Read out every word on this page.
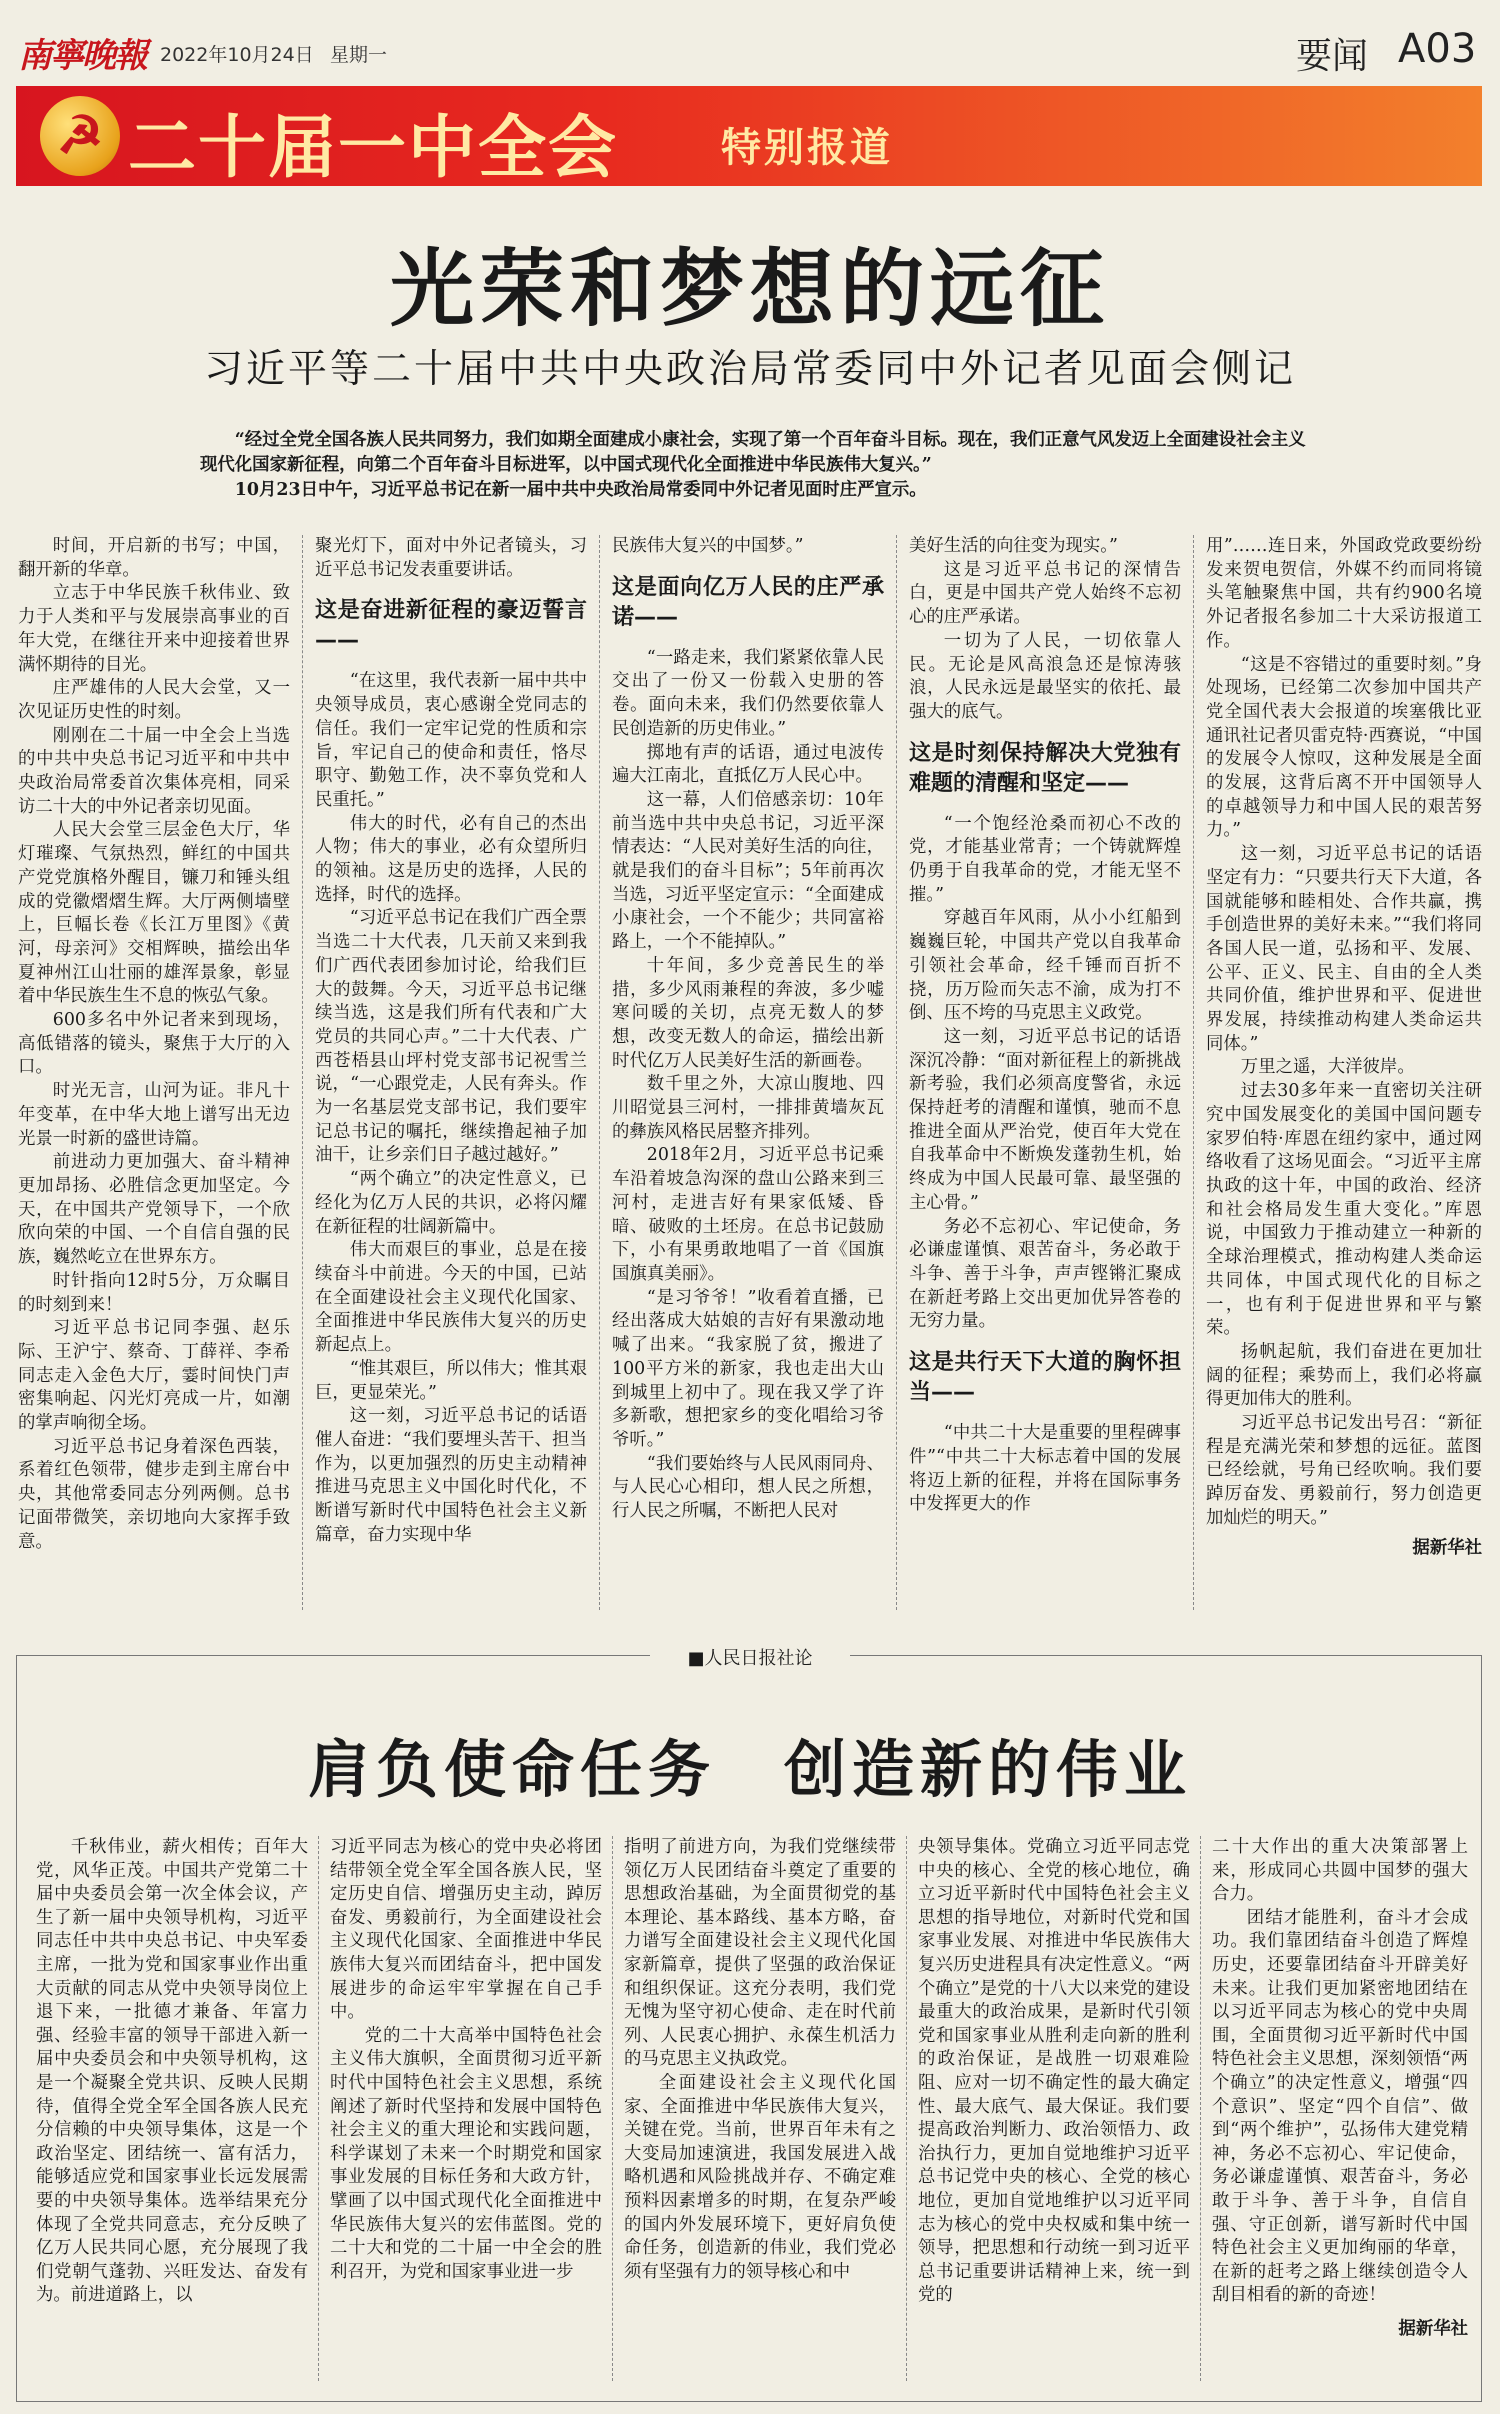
南寧晚報 2022年10月24日 星期一	要闻 A03
☭ 二十届一中全会	特别报道
光荣和梦想的远征
习近平等二十届中共中央政治局常委同中外记者见面会侧记
“经过全党全国各族人民共同努力，我们如期全面建成小康社会，实现了第一个百年奋斗目标。现在，我们正意气风发迈上全面建设社会主义现代化国家新征程，向第二个百年奋斗目标进军，以中国式现代化全面推进中华民族伟大复兴。”
10月23日中午，习近平总书记在新一届中共中央政治局常委同中外记者见面时庄严宣示。

时间，开启新的书写；中国，翻开新的华章。

立志于中华民族千秋伟业、致力于人类和平与发展崇高事业的百年大党，在继往开来中迎接着世界满怀期待的目光。

庄严雄伟的人民大会堂，又一次见证历史性的时刻。

刚刚在二十届一中全会上当选的中共中央总书记习近平和中共中央政治局常委首次集体亮相，同采访二十大的中外记者亲切见面。

人民大会堂三层金色大厅，华灯璀璨、气氛热烈，鲜红的中国共产党党旗格外醒目，镰刀和锤头组成的党徽熠熠生辉。大厅两侧墙壁上，巨幅长卷《长江万里图》《黄河，母亲河》交相辉映，描绘出华夏神州江山壮丽的雄浑景象，彰显着中华民族生生不息的恢弘气象。

600多名中外记者来到现场，高低错落的镜头，聚焦于大厅的入口。

时光无言，山河为证。非凡十年变革，在中华大地上谱写出无边光景一时新的盛世诗篇。

前进动力更加强大、奋斗精神更加昂扬、必胜信念更加坚定。今天，在中国共产党领导下，一个欣欣向荣的中国、一个自信自强的民族，巍然屹立在世界东方。

时针指向12时5分，万众瞩目的时刻到来！

习近平总书记同李强、赵乐际、王沪宁、蔡奇、丁薛祥、李希同志走入金色大厅，霎时间快门声密集响起、闪光灯亮成一片，如潮的掌声响彻全场。

习近平总书记身着深色西装，系着红色领带，健步走到主席台中央，其他常委同志分列两侧。总书记面带微笑，亲切地向大家挥手致意。

聚光灯下，面对中外记者镜头，习近平总书记发表重要讲话。

这是奋进新征程的豪迈誓言——

“在这里，我代表新一届中共中央领导成员，衷心感谢全党同志的信任。我们一定牢记党的性质和宗旨，牢记自己的使命和责任，恪尽职守、勤勉工作，决不辜负党和人民重托。”

伟大的时代，必有自己的杰出人物；伟大的事业，必有众望所归的领袖。这是历史的选择，人民的选择，时代的选择。

“习近平总书记在我们广西全票当选二十大代表，几天前又来到我们广西代表团参加讨论，给我们巨大的鼓舞。今天，习近平总书记继续当选，这是我们所有代表和广大党员的共同心声。”二十大代表、广西苍梧县山坪村党支部书记祝雪兰说，“一心跟党走，人民有奔头。作为一名基层党支部书记，我们要牢记总书记的嘱托，继续撸起袖子加油干，让乡亲们日子越过越好。”

“两个确立”的决定性意义，已经化为亿万人民的共识，必将闪耀在新征程的壮阔新篇中。

伟大而艰巨的事业，总是在接续奋斗中前进。今天的中国，已站在全面建设社会主义现代化国家、全面推进中华民族伟大复兴的历史新起点上。

“惟其艰巨，所以伟大；惟其艰巨，更显荣光。”

这一刻，习近平总书记的话语催人奋进：“我们要埋头苦干、担当作为，以更加强烈的历史主动精神推进马克思主义中国化时代化，不断谱写新时代中国特色社会主义新篇章，奋力实现中华

民族伟大复兴的中国梦。”

这是面向亿万人民的庄严承诺——

“一路走来，我们紧紧依靠人民交出了一份又一份载入史册的答卷。面向未来，我们仍然要依靠人民创造新的历史伟业。”

掷地有声的话语，通过电波传遍大江南北，直抵亿万人民心中。

这一幕，人们倍感亲切：10年前当选中共中央总书记，习近平深情表达：“人民对美好生活的向往，就是我们的奋斗目标”；5年前再次当选，习近平坚定宣示：“全面建成小康社会，一个不能少；共同富裕路上，一个不能掉队。”

十年间，多少竞善民生的举措，多少风雨兼程的奔波，多少嘘寒问暖的关切，点亮无数人的梦想，改变无数人的命运，描绘出新时代亿万人民美好生活的新画卷。

数千里之外，大凉山腹地、四川昭觉县三河村，一排排黄墙灰瓦的彝族风格民居整齐排列。

2018年2月，习近平总书记乘车沿着坡急沟深的盘山公路来到三河村，走进吉好有果家低矮、昏暗、破败的土坯房。在总书记鼓励下，小有果勇敢地唱了一首《国旗国旗真美丽》。

“是习爷爷！”收看着直播，已经出落成大姑娘的吉好有果激动地喊了出来。“我家脱了贫，搬进了100平方米的新家，我也走出大山到城里上初中了。现在我又学了许多新歌，想把家乡的变化唱给习爷爷听。”

“我们要始终与人民风雨同舟、与人民心心相印，想人民之所想，行人民之所嘱，不断把人民对

美好生活的向往变为现实。”

这是习近平总书记的深情告白，更是中国共产党人始终不忘初心的庄严承诺。

一切为了人民，一切依靠人民。无论是风高浪急还是惊涛骇浪，人民永远是最坚实的依托、最强大的底气。

这是时刻保持解决大党独有难题的清醒和坚定——

“一个饱经沧桑而初心不改的党，才能基业常青；一个铸就辉煌仍勇于自我革命的党，才能无坚不摧。”

穿越百年风雨，从小小红船到巍巍巨轮，中国共产党以自我革命引领社会革命，经千锤而百折不挠，历万险而矢志不渝，成为打不倒、压不垮的马克思主义政党。

这一刻，习近平总书记的话语深沉冷静：“面对新征程上的新挑战新考验，我们必须高度警省，永远保持赶考的清醒和谨慎，驰而不息推进全面从严治党，使百年大党在自我革命中不断焕发蓬勃生机，始终成为中国人民最可靠、最坚强的主心骨。”

务必不忘初心、牢记使命，务必谦虚谨慎、艰苦奋斗，务必敢于斗争、善于斗争，声声铿锵汇聚成在新赶考路上交出更加优异答卷的无穷力量。

这是共行天下大道的胸怀担当——

“中共二十大是重要的里程碑事件”“中共二十大标志着中国的发展将迈上新的征程，并将在国际事务中发挥更大的作

用”……连日来，外国政党政要纷纷发来贺电贺信，外媒不约而同将镜头笔触聚焦中国，共有约900名境外记者报名参加二十大采访报道工作。

“这是不容错过的重要时刻。”身处现场，已经第二次参加中国共产党全国代表大会报道的埃塞俄比亚通讯社记者贝雷克特·西赛说，“中国的发展令人惊叹，这种发展是全面的发展，这背后离不开中国领导人的卓越领导力和中国人民的艰苦努力。”

这一刻，习近平总书记的话语坚定有力：“只要共行天下大道，各国就能够和睦相处、合作共赢，携手创造世界的美好未来。”“我们将同各国人民一道，弘扬和平、发展、公平、正义、民主、自由的全人类共同价值，维护世界和平、促进世界发展，持续推动构建人类命运共同体。”

万里之遥，大洋彼岸。

过去30多年来一直密切关注研究中国发展变化的美国中国问题专家罗伯特·库恩在纽约家中，通过网络收看了这场见面会。“习近平主席执政的这十年，中国的政治、经济和社会格局发生重大变化。”库恩说，中国致力于推动建立一种新的全球治理模式，推动构建人类命运共同体，中国式现代化的目标之一，也有利于促进世界和平与繁荣。

扬帆起航，我们奋进在更加壮阔的征程；乘势而上，我们必将赢得更加伟大的胜利。

习近平总书记发出号召：“新征程是充满光荣和梦想的远征。蓝图已经绘就，号角已经吹响。我们要踔厉奋发、勇毅前行，努力创造更加灿烂的明天。”

据新华社
■人民日报社论
肩负使命任务　创造新的伟业

千秋伟业，薪火相传；百年大党，风华正茂。中国共产党第二十届中央委员会第一次全体会议，产生了新一届中央领导机构，习近平同志任中共中央总书记、中央军委主席，一批为党和国家事业作出重大贡献的同志从党中央领导岗位上退下来，一批德才兼备、年富力强、经验丰富的领导干部进入新一届中央委员会和中央领导机构，这是一个凝聚全党共识、反映人民期待，值得全党全军全国各族人民充分信赖的中央领导集体，这是一个政治坚定、团结统一、富有活力，能够适应党和国家事业长远发展需要的中央领导集体。选举结果充分体现了全党共同意志，充分反映了亿万人民共同心愿，充分展现了我们党朝气蓬勃、兴旺发达、奋发有为。前进道路上，以

习近平同志为核心的党中央必将团结带领全党全军全国各族人民，坚定历史自信、增强历史主动，踔厉奋发、勇毅前行，为全面建设社会主义现代化国家、全面推进中华民族伟大复兴而团结奋斗，把中国发展进步的命运牢牢掌握在自己手中。

党的二十大高举中国特色社会主义伟大旗帜，全面贯彻习近平新时代中国特色社会主义思想，系统阐述了新时代坚持和发展中国特色社会主义的重大理论和实践问题，科学谋划了未来一个时期党和国家事业发展的目标任务和大政方针，擘画了以中国式现代化全面推进中华民族伟大复兴的宏伟蓝图。党的二十大和党的二十届一中全会的胜利召开，为党和国家事业进一步

指明了前进方向，为我们党继续带领亿万人民团结奋斗奠定了重要的思想政治基础，为全面贯彻党的基本理论、基本路线、基本方略，奋力谱写全面建设社会主义现代化国家新篇章，提供了坚强的政治保证和组织保证。这充分表明，我们党无愧为坚守初心使命、走在时代前列、人民衷心拥护、永葆生机活力的马克思主义执政党。

全面建设社会主义现代化国家、全面推进中华民族伟大复兴，关键在党。当前，世界百年未有之大变局加速演进，我国发展进入战略机遇和风险挑战并存、不确定难预料因素增多的时期，在复杂严峻的国内外发展环境下，更好肩负使命任务，创造新的伟业，我们党必须有坚强有力的领导核心和中

央领导集体。党确立习近平同志党中央的核心、全党的核心地位，确立习近平新时代中国特色社会主义思想的指导地位，对新时代党和国家事业发展、对推进中华民族伟大复兴历史进程具有决定性意义。“两个确立”是党的十八大以来党的建设最重大的政治成果，是新时代引领党和国家事业从胜利走向新的胜利的政治保证，是战胜一切艰难险阻、应对一切不确定性的最大确定性、最大底气、最大保证。我们要提高政治判断力、政治领悟力、政治执行力，更加自觉地维护习近平总书记党中央的核心、全党的核心地位，更加自觉地维护以习近平同志为核心的党中央权威和集中统一领导，把思想和行动统一到习近平总书记重要讲话精神上来，统一到党的

二十大作出的重大决策部署上来，形成同心共圆中国梦的强大合力。

团结才能胜利，奋斗才会成功。我们靠团结奋斗创造了辉煌历史，还要靠团结奋斗开辟美好未来。让我们更加紧密地团结在以习近平同志为核心的党中央周围，全面贯彻习近平新时代中国特色社会主义思想，深刻领悟“两个确立”的决定性意义，增强“四个意识”、坚定“四个自信”、做到“两个维护”，弘扬伟大建党精神，务必不忘初心、牢记使命，务必谦虚谨慎、艰苦奋斗，务必敢于斗争、善于斗争，自信自强、守正创新，谱写新时代中国特色社会主义更加绚丽的华章，在新的赶考之路上继续创造令人刮目相看的新的奇迹！

据新华社
